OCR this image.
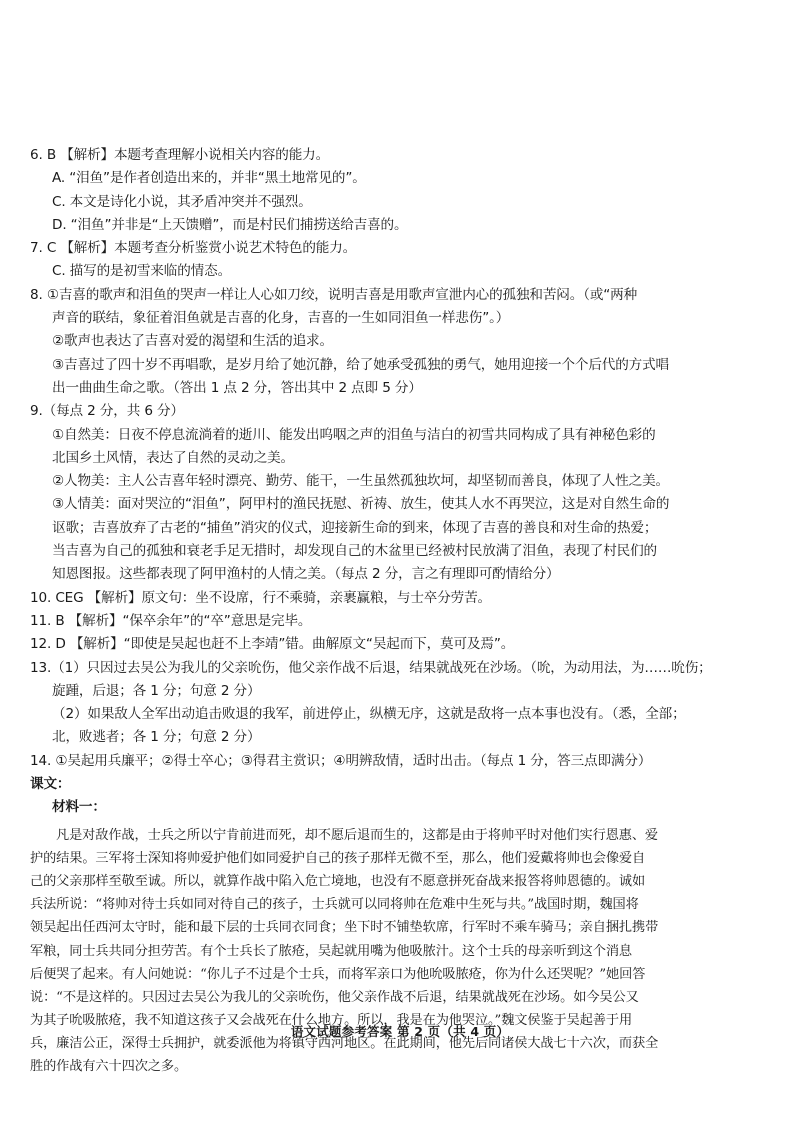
6. B 【解析】本题考查理解小说相关内容的能力。
A. “泪鱼”是作者创造出来的，并非“黑土地常见的”。
C. 本文是诗化小说，其矛盾冲突并不强烈。
D. “泪鱼”并非是“上天馈赠”，而是村民们捕捞送给吉喜的。
7. C 【解析】本题考查分析鉴赏小说艺术特色的能力。
C. 描写的是初雪来临的情态。
8. ①吉喜的歌声和泪鱼的哭声一样让人心如刀绞，说明吉喜是用歌声宣泄内心的孤独和苦闷。（或“两种
声音的联结，象征着泪鱼就是吉喜的化身，吉喜的一生如同泪鱼一样悲伤”。）
②歌声也表达了吉喜对爱的渴望和生活的追求。
③吉喜过了四十岁不再唱歌，是岁月给了她沉静，给了她承受孤独的勇气，她用迎接一个个后代的方式唱
出一曲曲生命之歌。（答出 1 点 2 分，答出其中 2 点即 5 分）
9.（每点 2 分，共 6 分）
①自然美：日夜不停息流淌着的逝川、能发出呜咽之声的泪鱼与洁白的初雪共同构成了具有神秘色彩的
北国乡土风情，表达了自然的灵动之美。
②人物美：主人公吉喜年轻时漂亮、勤劳、能干，一生虽然孤独坎坷，却坚韧而善良，体现了人性之美。
③人情美：面对哭泣的“泪鱼”，阿甲村的渔民抚慰、祈祷、放生，使其人水不再哭泣，这是对自然生命的
讴歌；吉喜放弃了古老的“捕鱼”消灾的仪式，迎接新生命的到来，体现了吉喜的善良和对生命的热爱；
当吉喜为自己的孤独和衰老手足无措时，却发现自己的木盆里已经被村民放满了泪鱼，表现了村民们的
知恩图报。这些都表现了阿甲渔村的人情之美。（每点 2 分，言之有理即可酌情给分）
10. CEG 【解析】原文句：坐不设席，行不乘骑，亲裹赢粮，与士卒分劳苦。
11. B 【解析】“保卒余年”的“卒”意思是完毕。
12. D 【解析】“即使是吴起也赶不上李靖”错。曲解原文“吴起而下，莫可及焉”。
13.（1）只因过去吴公为我儿的父亲吮伤，他父亲作战不后退，结果就战死在沙场。（吮，为动用法，为……吮伤；
旋踵，后退；各 1 分；句意 2 分）
（2）如果敌人全军出动追击败退的我军，前进停止，纵横无序，这就是敌将一点本事也没有。（悉，全部；
北，败逃者；各 1 分；句意 2 分）
14. ①吴起用兵廉平；②得士卒心；③得君主赏识；④明辨敌情，适时出击。（每点 1 分，答三点即满分）
课文：
材料一：
凡是对敌作战，士兵之所以宁肯前进而死，却不愿后退而生的，这都是由于将帅平时对他们实行恩惠、爱
护的结果。三军将士深知将帅爱护他们如同爱护自己的孩子那样无微不至，那么，他们爱戴将帅也会像爱自
己的父亲那样至敬至诚。所以，就算作战中陷入危亡境地，也没有不愿意拼死奋战来报答将帅恩德的。诚如
兵法所说：“将帅对待士兵如同对待自己的孩子，士兵就可以同将帅在危难中生死与共。”战国时期，魏国将
领吴起出任西河太守时，能和最下层的士兵同衣同食；坐下时不铺垫软席，行军时不乘车骑马；亲自捆扎携带
军粮，同士兵共同分担劳苦。有个士兵长了脓疮，吴起就用嘴为他吸脓汁。这个士兵的母亲听到这个消息
后便哭了起来。有人问她说：“你儿子不过是个士兵，而将军亲口为他吮吸脓疮，你为什么还哭呢？”她回答
说：“不是这样的。只因过去吴公为我儿的父亲吮伤，他父亲作战不后退，结果就战死在沙场。如今吴公又
为其子吮吸脓疮，我不知道这孩子又会战死在什么地方。所以，我是在为他哭泣。”魏文侯鉴于吴起善于用
兵，廉洁公正，深得士兵拥护，就委派他为将镇守西河地区。在此期间，他先后同诸侯大战七十六次，而获全
胜的作战有六十四次之多。
语文试题参考答案 第 2 页（共 4 页）
